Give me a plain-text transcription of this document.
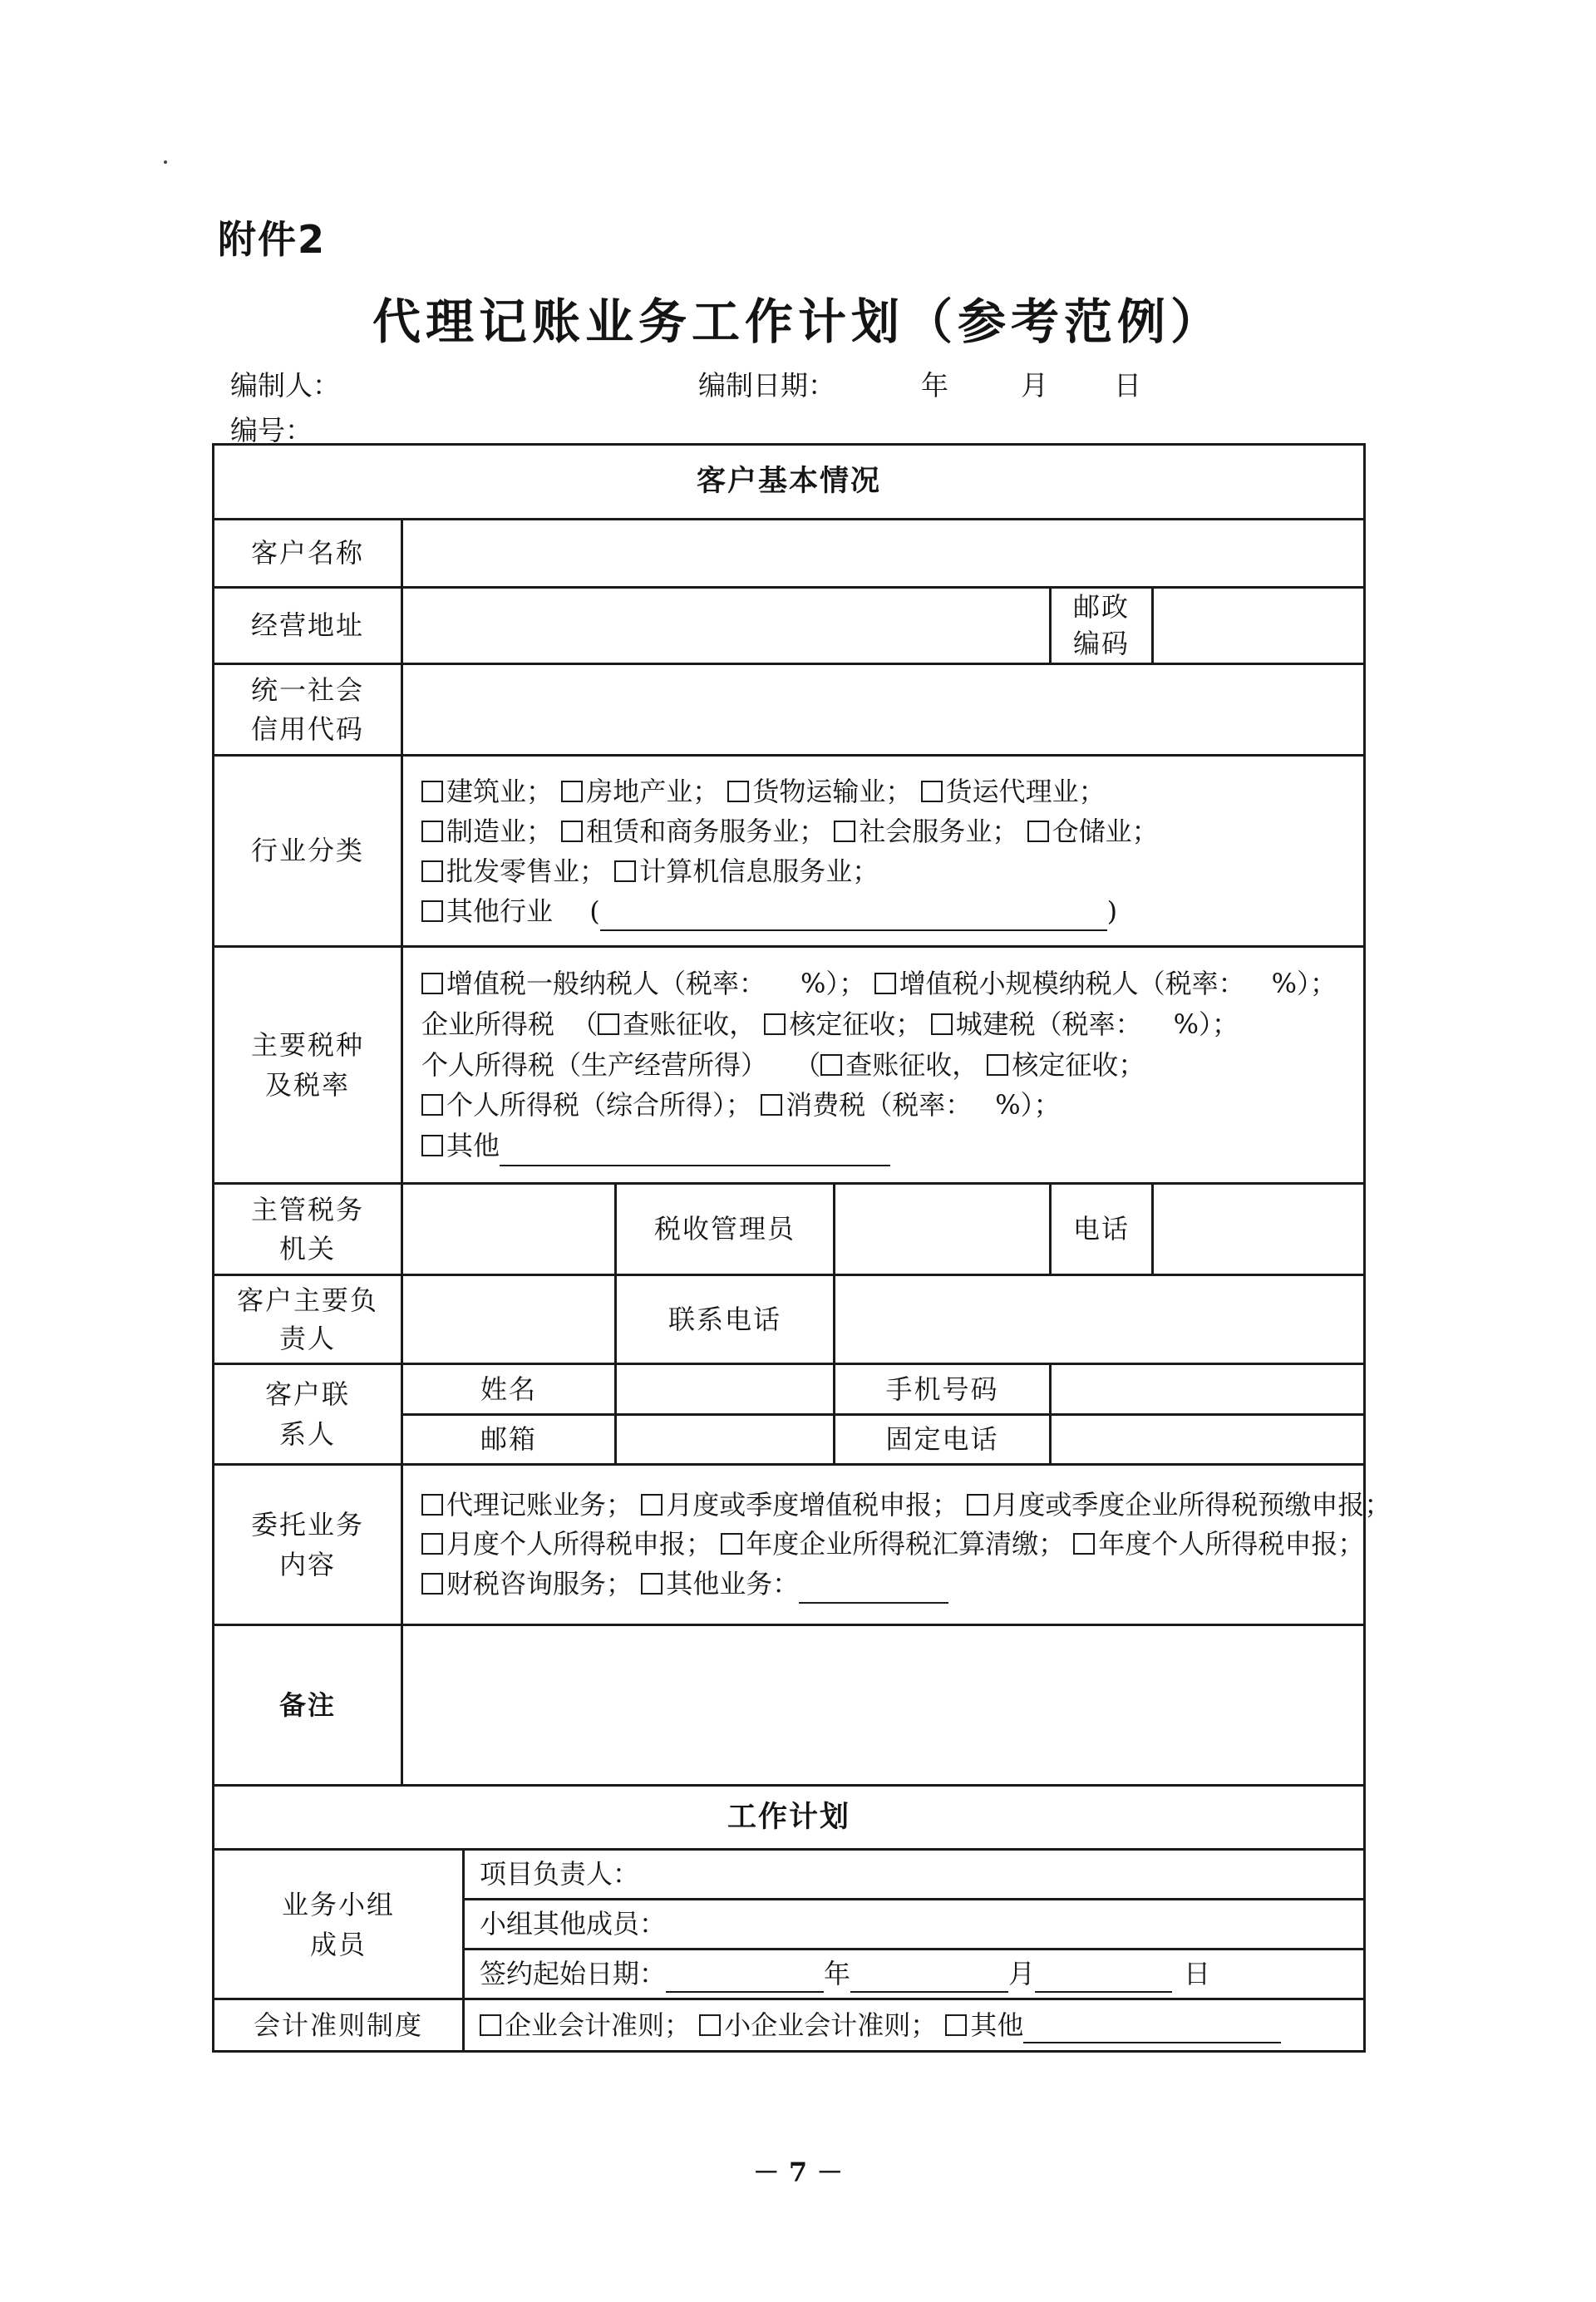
附件2
代理记账业务工作计划（参考范例）
编制人：	编制日期：	年	月 日
编号：
客户基本情况						
客户名称						
经营地址					邮政编码	

统一社会信用代码						

行业分类	建筑业； 房地产业； 货物运输业； 货运代理业；
制造业； 租赁和商务服务业； 社会服务业； 仓储业；
批发零售业； 计算机信息服务业；
其他行业 ( )					

主要税种及税率	增值税一般纳税人（税率： %）； 增值税小规模纳税人（税率： %）；
企业所得税 （ 查账征收， 核定征收； 城建税（税率： %）；
个人所得税（生产经营所得） （ 查账征收， 核定征收；
个人所得税（综合所得）； 消费税（税率： %）；
其他					

主管税务机关			税收管理员		电话	

客户主要负责人			联系电话			

客户联系人	姓名			手机号码		
	邮箱			固定电话		

委托业务内容	代理记账业务； 月度或季度增值税申报； 月度或季度企业所得税预缴申报；
月度个人所得税申报； 年度企业所得税汇算清缴； 年度个人所得税申报；
财税咨询服务； 其他业务：					

备注						
工作计划						

业务小组成员		项目负责人：				
		小组其他成员：				
		签约起始日期： 年 月 日				
会计准则制度		企业会计准则； 小企业会计准则； 其他				
－ 7 －
